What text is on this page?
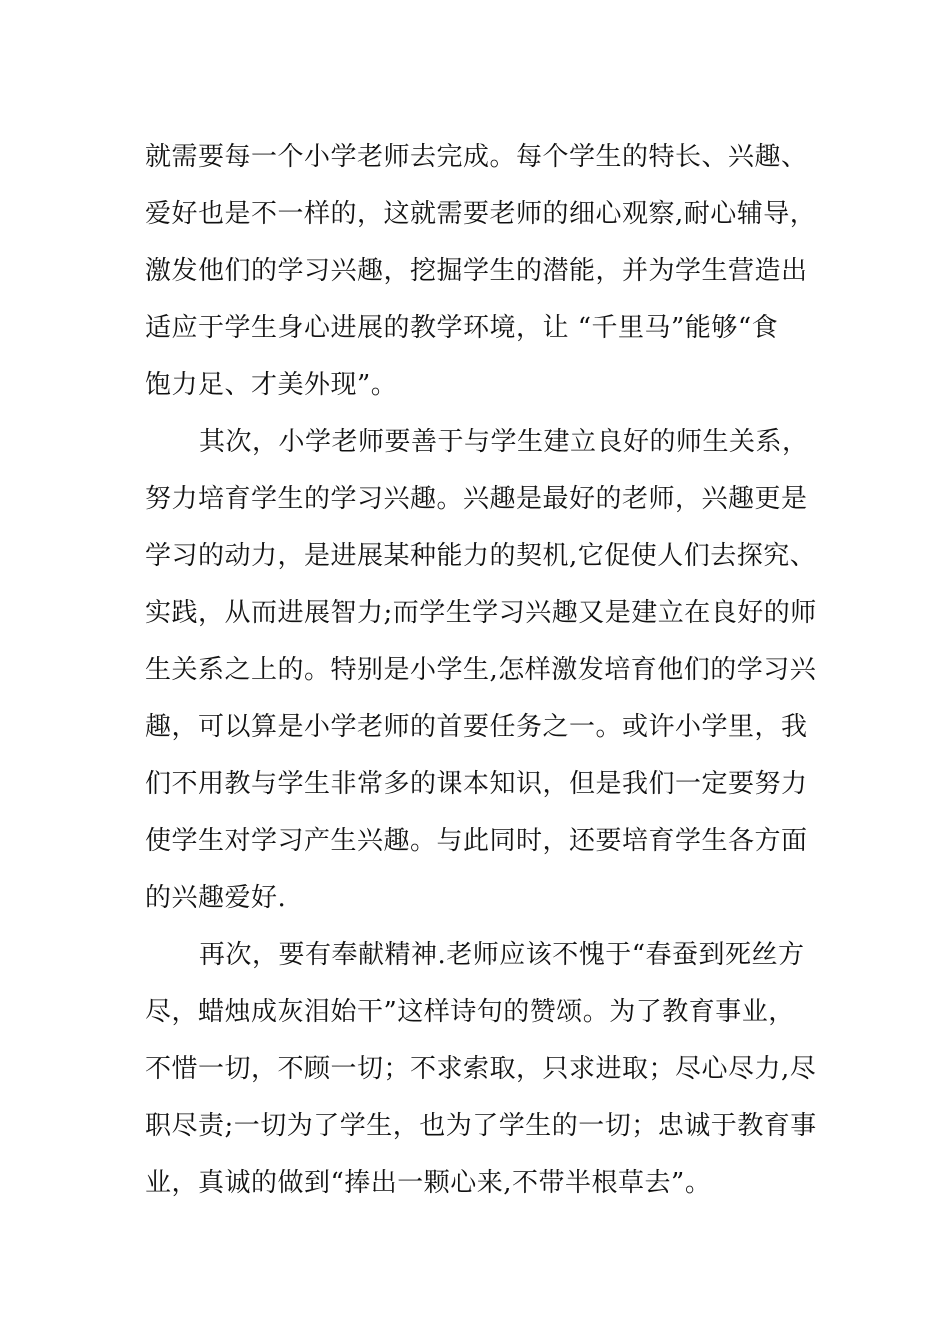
就需要每一个小学老师去完成。每个学生的特长、兴趣、
爱好也是不一样的，这就需要老师的细心观察,耐心辅导，
激发他们的学习兴趣，挖掘学生的潜能，并为学生营造出
适应于学生身心进展的教学环境，让 “千里马”能够“食
饱力足、才美外现”。

其次，小学老师要善于与学生建立良好的师生关系，
努力培育学生的学习兴趣。兴趣是最好的老师，兴趣更是
学习的动力，是进展某种能力的契机,它促使人们去探究、
实践，从而进展智力;而学生学习兴趣又是建立在良好的师
生关系之上的。特别是小学生,怎样激发培育他们的学习兴
趣，可以算是小学老师的首要任务之一。或许小学里，我
们不用教与学生非常多的课本知识，但是我们一定要努力
使学生对学习产生兴趣。与此同时，还要培育学生各方面
的兴趣爱好.

再次，要有奉献精神.老师应该不愧于“春蚕到死丝方
尽，蜡烛成灰泪始干”这样诗句的赞颂。为了教育事业，
不惜一切，不顾一切；不求索取，只求进取；尽心尽力,尽
职尽责;一切为了学生，也为了学生的一切；忠诚于教育事
业，真诚的做到“捧出一颗心来,不带半根草去”。
